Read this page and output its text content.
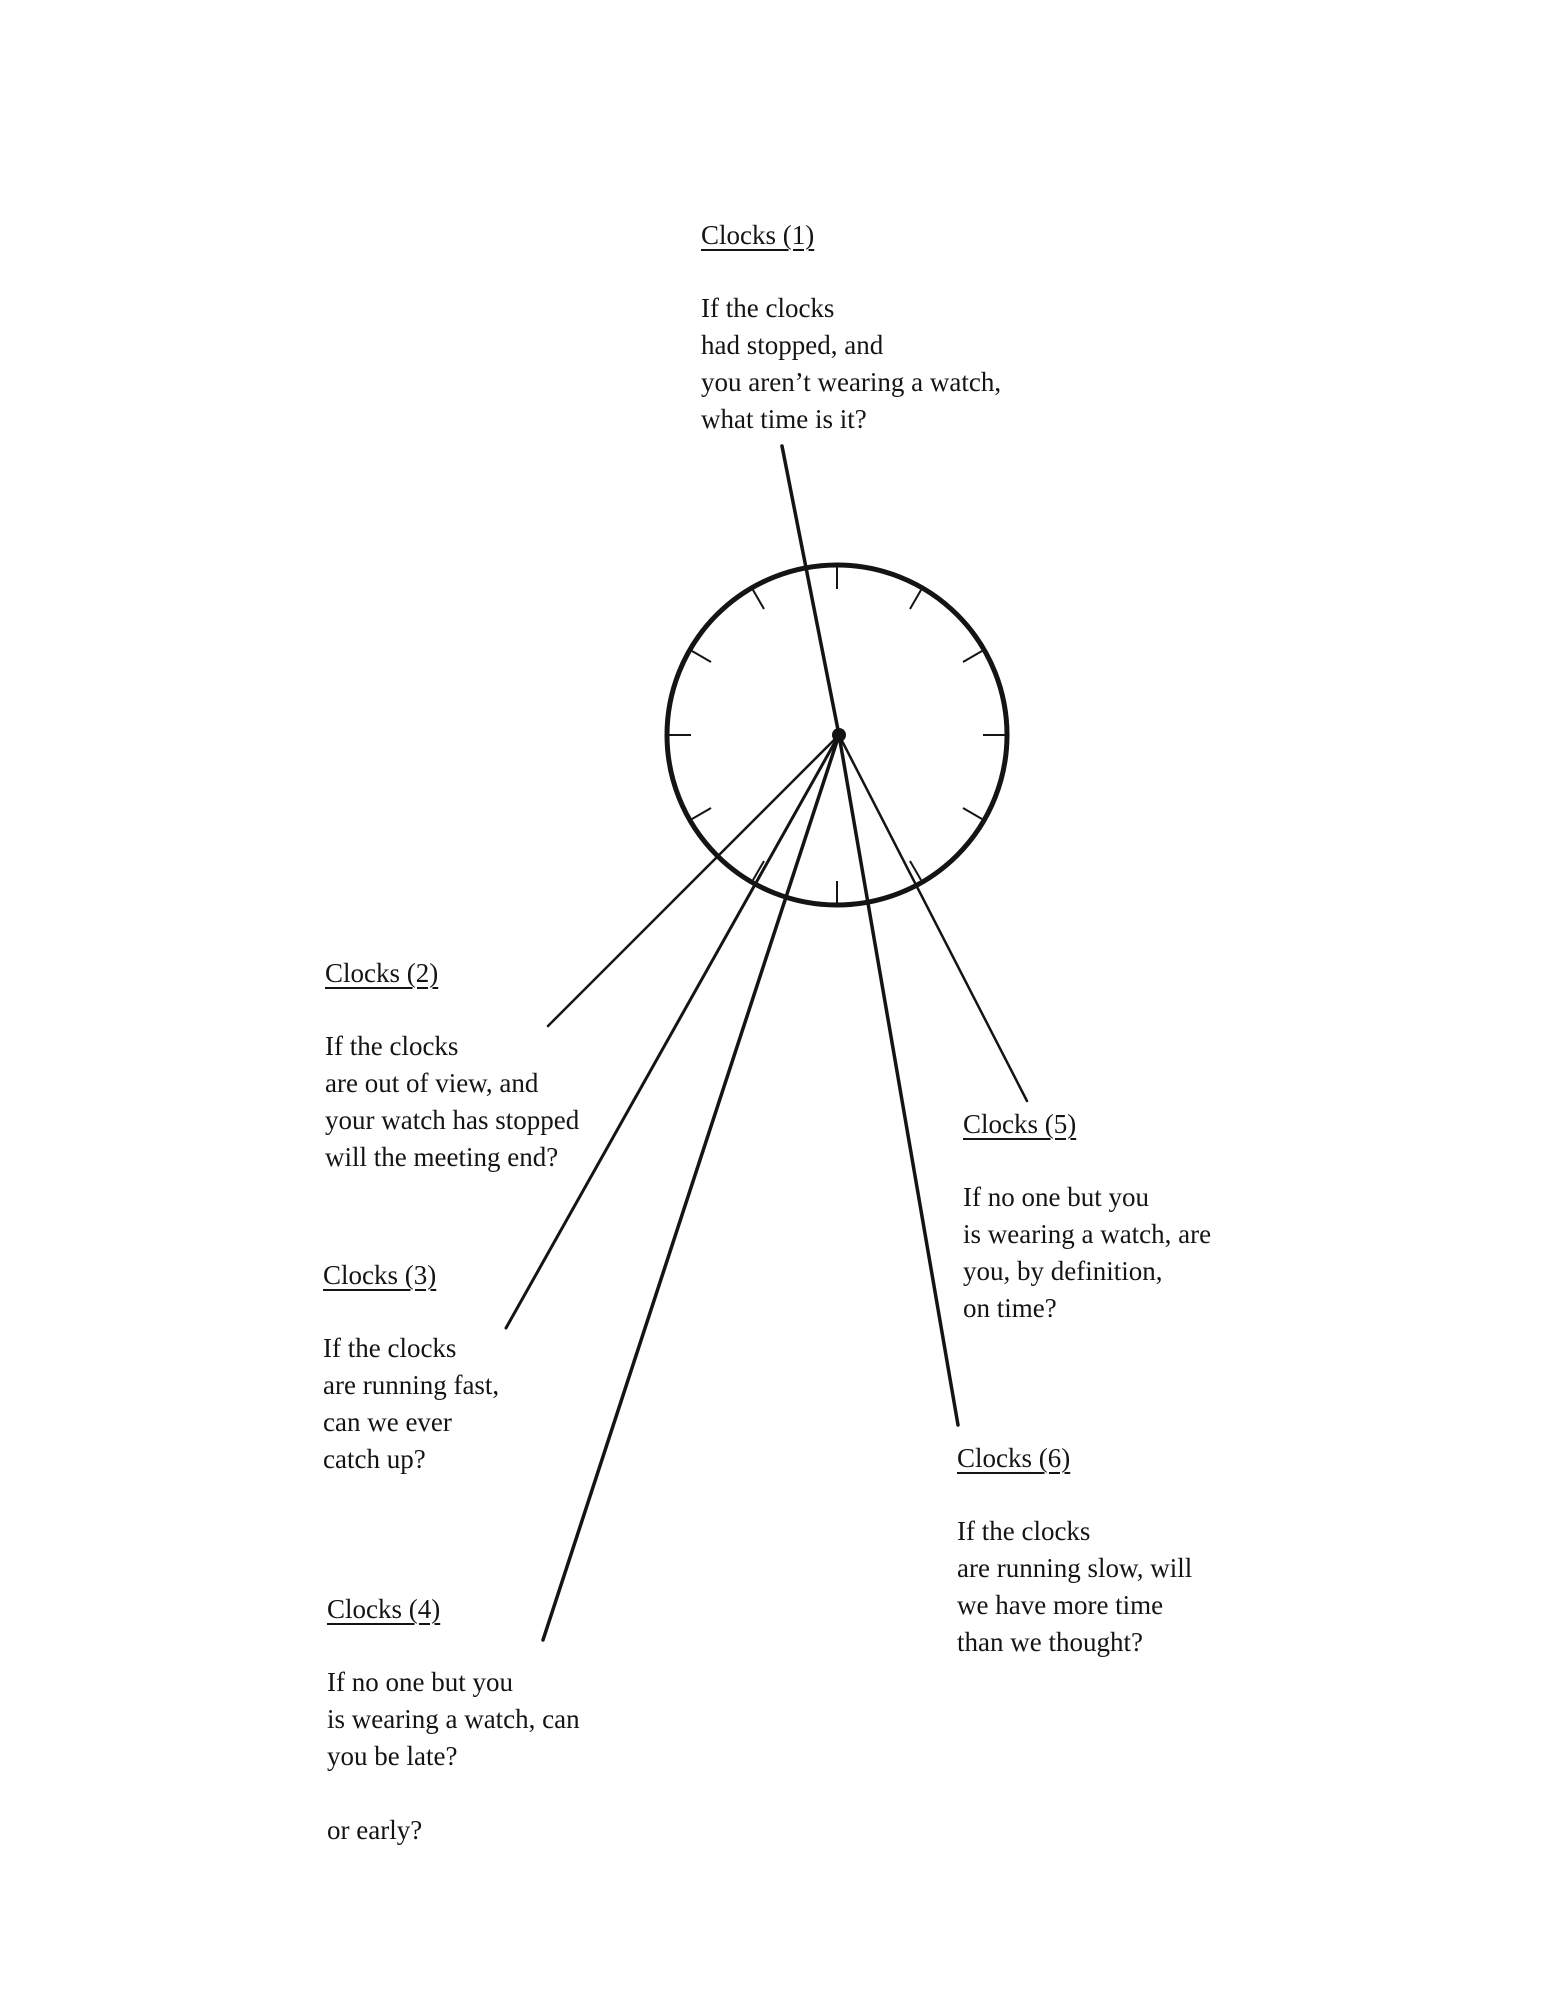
Clocks (1)
If the clocks
had stopped, and
you aren’t wearing a watch,
what time is it?
Clocks (2)
If the clocks
are out of view, and
your watch has stopped
will the meeting end?
Clocks (3)
If the clocks
are running fast,
can we ever
catch up?
Clocks (4)
If no one but you
is wearing a watch, can
you be late?
or early?
Clocks (5)
If no one but you
is wearing a watch, are
you, by definition,
on time?
Clocks (6)
If the clocks
are running slow, will
we have more time
than we thought?
